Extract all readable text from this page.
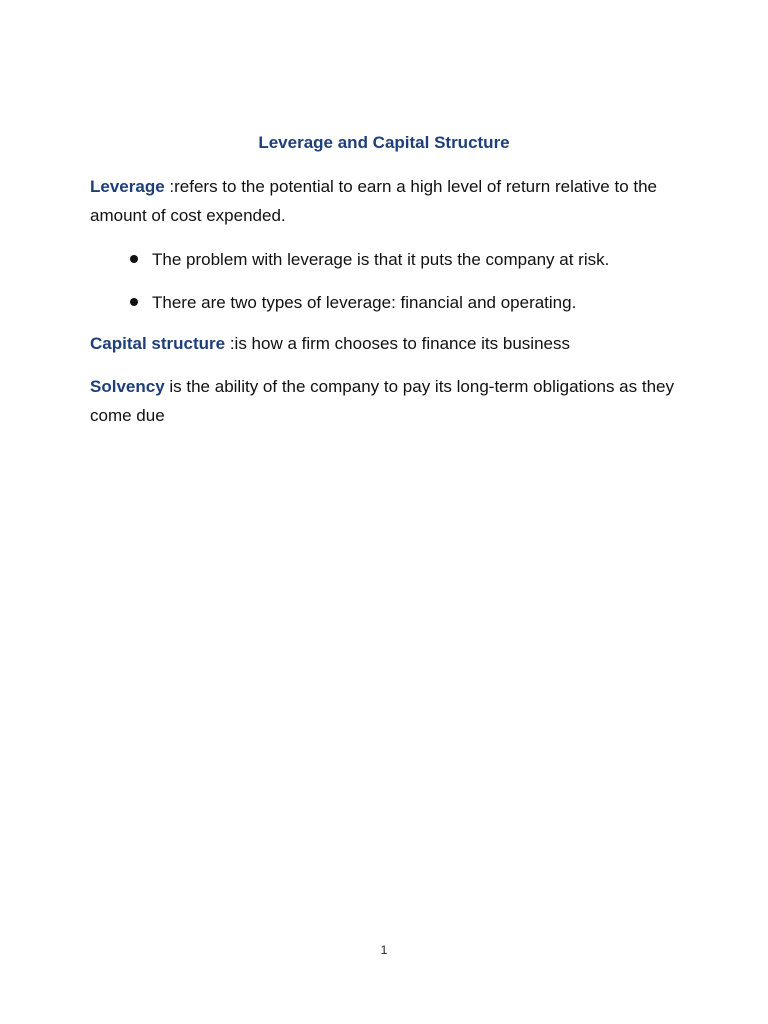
Leverage and Capital Structure
Leverage :refers to the potential to earn a high level of return relative to the amount of cost expended.
The problem with leverage is that it puts the company at risk.
There are two types of leverage: financial and operating.
Capital structure :is how a firm chooses to finance its business
Solvency is the ability of the company to pay its long-term obligations as they come due
1
